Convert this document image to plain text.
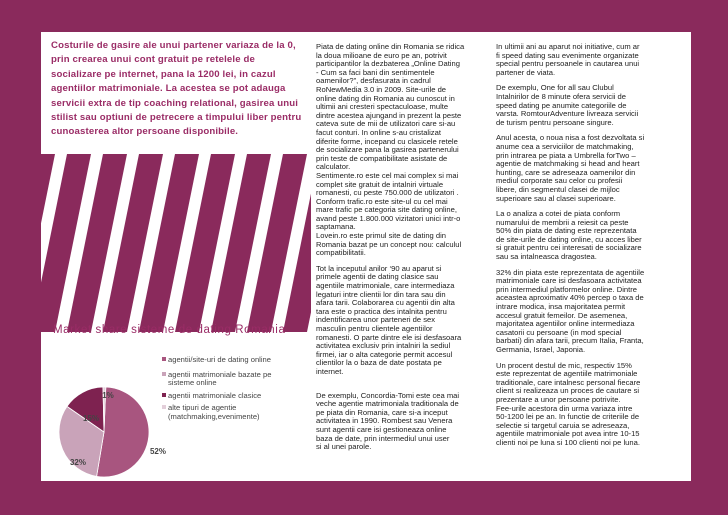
Costurile de gasire ale unui partener variaza de la 0, prin crearea unui cont gratuit pe retelele de socializare pe internet, pana la 1200 lei, in cazul agentiilor matrimoniale. La acestea se pot adauga servicii extra de tip coaching relational, gasirea unui stilist sau optiuni de petrecere a timpului liber pentru cunoasterea altor persoane disponibile.

Piata de dating online din Romania se ridica
la doua milioane de euro pe an, potrivit
participantilor la dezbaterea „Online Dating
- Cum sa faci bani din sentimentele
oamenilor?”, desfasurata in cadrul
RoNewMedia 3.0 in 2009. Site-urile de
online dating din Romania au cunoscut in
ultimii ani cresteri spectaculoase, multe
dintre acestea ajungand in prezent la peste
cateva sute de mii de utilizatori care si-au
facut conturi. In online s-au cristalizat
diferite forme, incepand cu clasicele retele
de socializare pana la gasirea partenerului
prin teste de compatibilitate asistate de
calculator.
Sentimente.ro este cel mai complex si mai
complet site gratuit de intalniri virtuale
romanesti, cu peste 750.000 de utilizatori .
Conform trafic.ro este site-ul cu cel mai
mare trafic pe categoria site dating online,
avand peste 1.800.000 vizitatori unici intr-o
saptamana.
Lovein.ro este primul site de dating din
Romania bazat pe un concept nou: calculul
compatibilitatii.

Tot la inceputul anilor ‘90 au aparut si
primele agentii de dating clasice sau
agentiile matrimoniale, care intermediaza
legaturi intre clientii lor din tara sau din
afara tarii. Colaborarea cu agentii din alta
tara este o practica des intalnita pentru
indentificarea unor parteneri de sex
masculin pentru clientele agentiilor
romanesti. O parte dintre ele isi desfasoara
activitatea exclusiv prin intalniri la sediul
firmei, iar o alta categorie permit accesul
clientilor la o baza de date postata pe
internet.

De exemplu, Concordia-Tomi este cea mai
veche agentie matrimoniala traditionala de
pe piata din Romania, care si-a inceput
activitatea in 1990. Rombest sau Venera
sunt agentii care isi gestioneaza online
baza de date, prin intermediul unui user
si al unei parole.

In ultimii ani au aparut noi initiative, cum ar
fi speed dating sau evenimente organizate
special pentru persoanele in cautarea unui
partener de viata.

De exemplu, One for all sau Clubul
Intalnirilor de 8 minute ofera servicii de
speed dating pe anumite categoriile de
varsta. RomtourAdventure livreaza servicii
de turism pentru persoane singure.

Anul acesta, o noua nisa a fost dezvoltata si
anume cea a serviciilor de matchmaking,
prin intrarea pe piata a Umbrella forTwo –
agentie de matchmaking si head and heart
hunting, care se adreseaza oamenilor din
mediul corporate sau celor cu profesii
libere, din segmentul clasei de mijloc
superioare sau al clasei superioare.

La o analiza a cotei de piata conform
numarului de membrii a reiesit ca peste
50% din piata de dating este reprezentata
de site-urile de dating online, cu acces liber
si gratuit pentru cei interesati de socializare
sau sa intalneasca dragostea.

32% din piata este reprezentata de agentiile
matrimoniale care isi desfasoara activitatea
prin intermediul platformelor online. Dintre
aceastea aproximativ 40% percep o taxa de
intrare modica, insa majoritatea permit
accesul gratuit femeilor. De asemenea,
majoritatea agentiilor online intermediaza
casatorii cu persoane (in mod special
barbati) din afara tarii, precum Italia, Franta,
Germania, Israel, Japonia.

Un procent destul de mic, respectiv 15%
este reprezentat de agentiile matrimoniale
traditionale, care intalnesc personal fiecare
client si realizeaza un proces de cautare si
prezentare a unor persoane potrivite.
Fee-urile acestora din urma variaza intre
50-1200 lei pe an. In functie de criteriile de
selectie si targetul caruia se adreseaza,
agentiile matrimoniale pot avea intre 10-15
clienti noi pe luna si 100 clienti noi pe luna.

Market share sisteme de dating Romania
52%
32%
15%
1%
agentii/site-uri de dating online
agentii matrimoniale bazate pe sisteme online
agentii matrimoniale clasice
alte tipuri de agentie (matchmaking,evenimente)
